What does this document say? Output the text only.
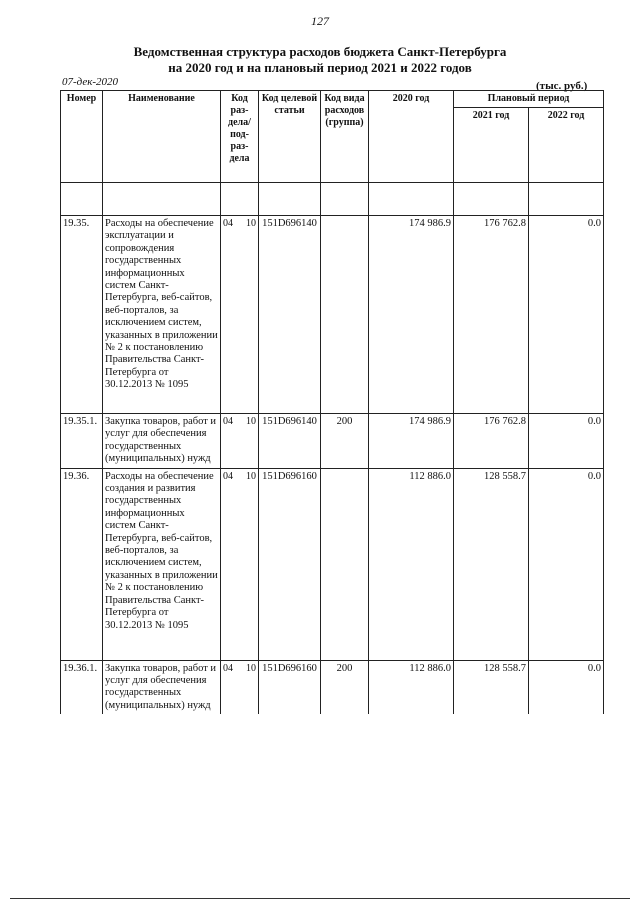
127
Ведомственная структура расходов бюджета Санкт-Петербурга
на 2020 год и на плановый период 2021 и 2022 годов
07-дек-2020	(тыс. руб.)
Номер	Наименование	Код раз- дела/ под- раз- дела	Код целевой статьи	Код вида расходов (группа)	2020 год	Плановый период	
						2021 год	2022 год

19.35.	Расходы на обеспечение эксплуатации и сопровождения государственных информационных систем Санкт-Петербурга, веб-сайтов, веб-порталов, за исключением систем, указанных в приложении № 2 к постановлению Правительства Санкт-Петербурга от 30.12.2013 № 1095	04 10	151D696140		174 986.9	176 762.8	0.0
19.35.1.	Закупка товаров, работ и услуг для обеспечения государственных (муниципальных) нужд	04 10	151D696140	200	174 986.9	176 762.8	0.0
19.36.	Расходы на обеспечение создания и развития государственных информационных систем Санкт-Петербурга, веб-сайтов, веб-порталов, за исключением систем, указанных в приложении № 2 к постановлению Правительства Санкт-Петербурга от 30.12.2013 № 1095	04 10	151D696160		112 886.0	128 558.7	0.0
19.36.1.	Закупка товаров, работ и услуг для обеспечения государственных (муниципальных) нужд	04 10	151D696160	200	112 886.0	128 558.7	0.0
